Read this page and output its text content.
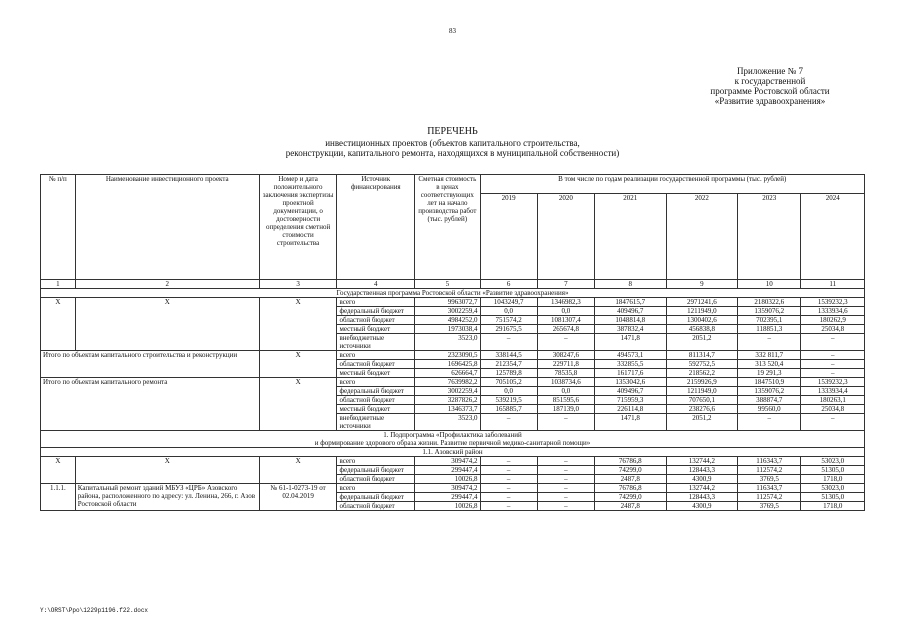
83
Приложение № 7
к государственной
программе Ростовской области
«Развитие здравоохранения»
ПЕРЕЧЕНЬ
инвестиционных проектов (объектов капитального строительства,
реконструкции, капитального ремонта, находящихся в муниципальной собственности)
№ п/п	Наименование инвестиционного проекта	Номер и дата положительного заключения экспертизы проектной документации, о достоверности определения сметной стоимости строительства	Источник финансирования	Сметная стоимость в ценах соответствующих лет на начало производства работ (тыс. рублей)	В том числе по годам реализации государственной программы (тыс. рублей)					
					2019	2020	2021	2022	2023	2024
1	2	3	4	5	6	7	8	9	10	11
Государственная программа Ростовской области «Развитие здравоохранения»										
X	X	X	всего	9963072,7	1043249,7	1346982,3	1847615,7	2971241,6	2180322,6	1539232,3
			федеральный бюджет	3002259,4	0,0	0,0	409496,7	1211949,0	1359076,2	1333934,6
			областной бюджет	4984252,0	751574,2	1081307,4	1048814,8	1300402,6	702395,1	180262,9
			местный бюджет	1973038,4	291675,5	265674,8	387832,4	456838,8	118851,3	25034,8
			внебюджетные источники	3523,0	–	–	1471,8	2051,2	–	–
Итого по объектам капитального строительства и реконструкции		X	всего	2323090,5	338144,5	308247,6	494573,1	811314,7	332 811,7	–
			областной бюджет	1696425,8	212354,7	229711,8	332855,5	592752,5	313 520,4	–
			местный бюджет	626664,7	125789,8	78535,8	161717,6	218562,2	19 291,3	–
Итого по объектам капитального ремонта		X	всего	7639982,2	705105,2	1038734,6	1353042,6	2159926,9	1847510,9	1539232,3
			федеральный бюджет	3002259,4	0,0	0,0	409496,7	1211949,0	1359076,2	1333934,4
			областной бюджет	3287826,2	539219,5	851595,6	715959,3	707650,1	388874,7	180263,1
			местный бюджет	1346373,7	165885,7	187139,0	226114,8	238276,6	99560,0	25034,8
			внебюджетные источники	3523,0	–	–	1471,8	2051,2	–	–

1. Подпрограмма «Профилактика заболеваний
и формирование здорового образа жизни. Развитие первичной медико-санитарной помощи»										

1.1. Азовский район										
X	X	X	всего	309474,2	–	–	76786,8	132744,2	116343,7	53023,0
			федеральный бюджет	299447,4	–	–	74299,0	128443,3	112574,2	51305,0
			областной бюджет	10026,8	–	–	2487,8	4300,9	3769,5	1718,0
1.1.1.	Капитальный ремонт зданий МБУЗ «ЦРБ» Азовского района, расположенного по адресу: ул. Ленина, 266, г. Азов Ростовской области	№ 61-1-0273-19 от 02.04.2019	всего	309474,2	–	–	76786,8	132744,2	116343,7	53023,0
			федеральный бюджет	299447,4	–	–	74299,0	128443,3	112574,2	51305,0
			областной бюджет	10026,8	–	–	2487,8	4300,9	3769,5	1718,0
Y:\ORST\Ppo\1229p1196.f22.docx
